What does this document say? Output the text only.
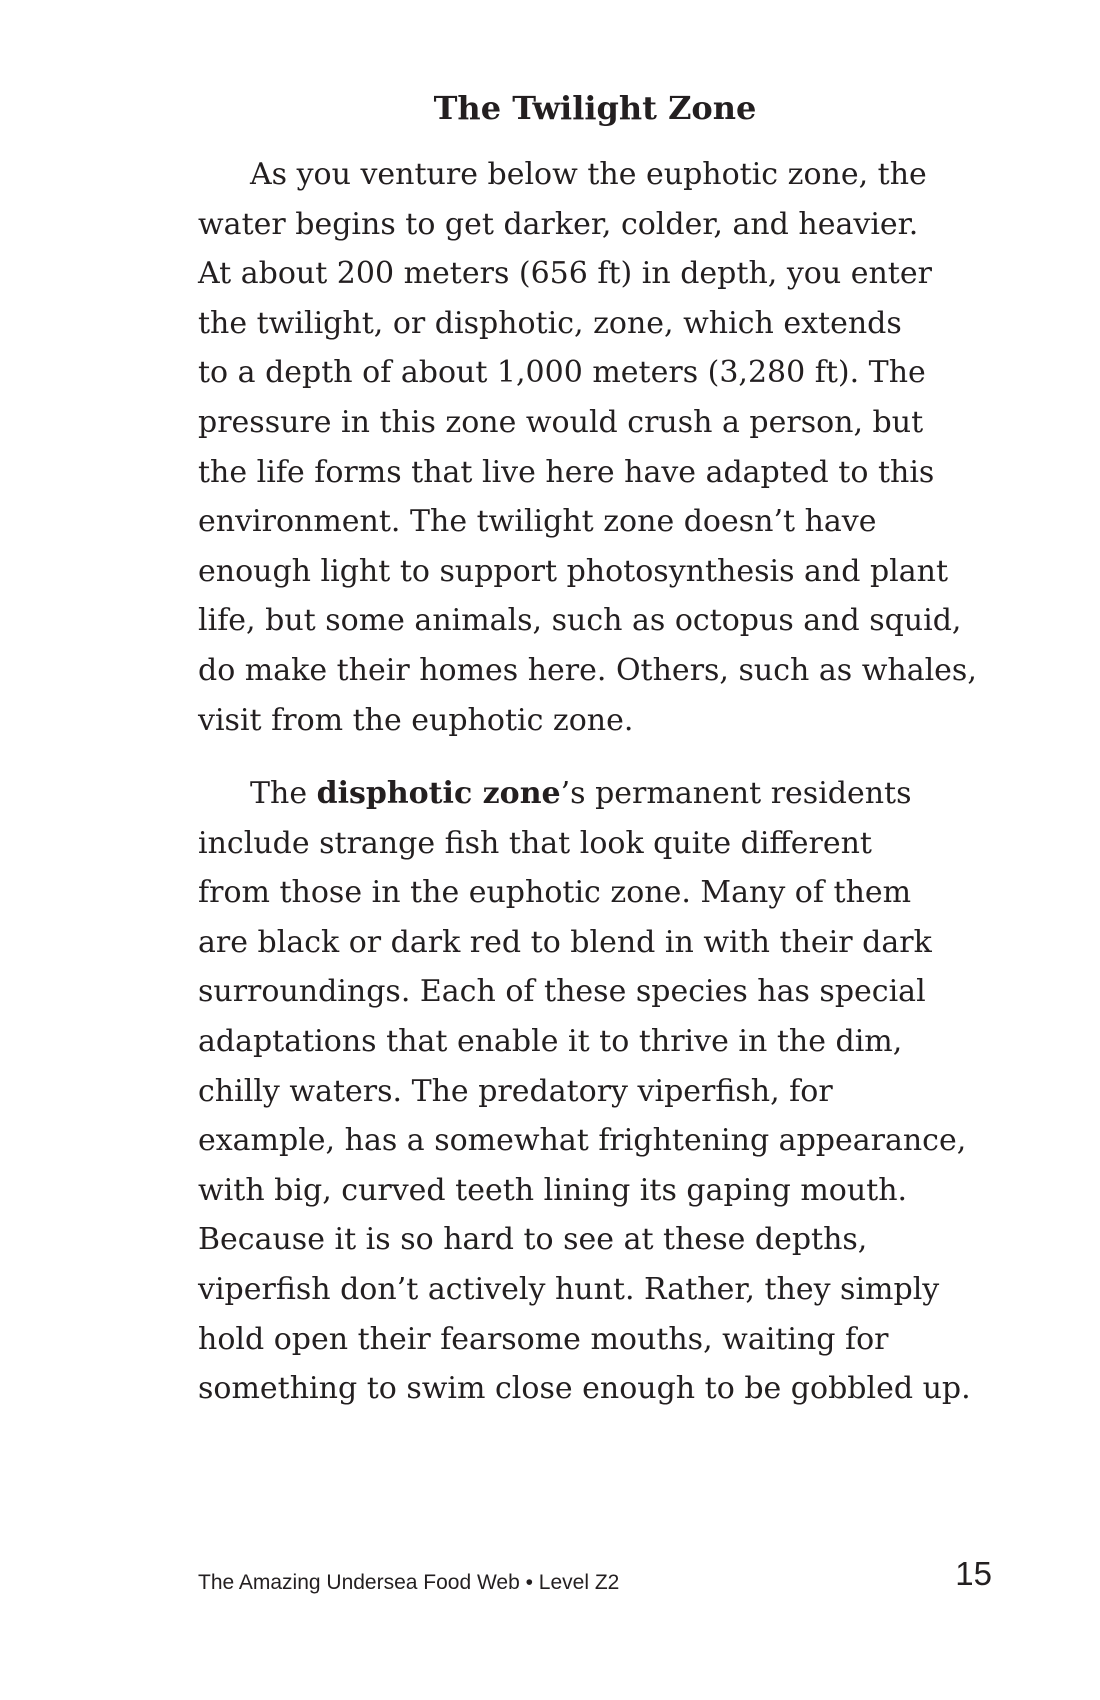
The Twilight Zone

As you venture below the euphotic zone, the
water begins to get darker, colder, and heavier.
At about 200 meters (656 ft) in depth, you enter
the twilight, or disphotic, zone, which extends
to a depth of about 1,000 meters (3,280 ft). The
pressure in this zone would crush a person, but
the life forms that live here have adapted to this
environment. The twilight zone doesn’t have
enough light to support photosynthesis and plant
life, but some animals, such as octopus and squid,
do make their homes here. Others, such as whales,
visit from the euphotic zone.

The disphotic zone’s permanent residents
include strange fish that look quite different
from those in the euphotic zone. Many of them
are black or dark red to blend in with their dark
surroundings. Each of these species has special
adaptations that enable it to thrive in the dim,
chilly waters. The predatory viperfish, for
example, has a somewhat frightening appearance,
with big, curved teeth lining its gaping mouth.
Because it is so hard to see at these depths,
viperfish don’t actively hunt. Rather, they simply
hold open their fearsome mouths, waiting for
something to swim close enough to be gobbled up.

The Amazing Undersea Food Web • Level Z2	15
